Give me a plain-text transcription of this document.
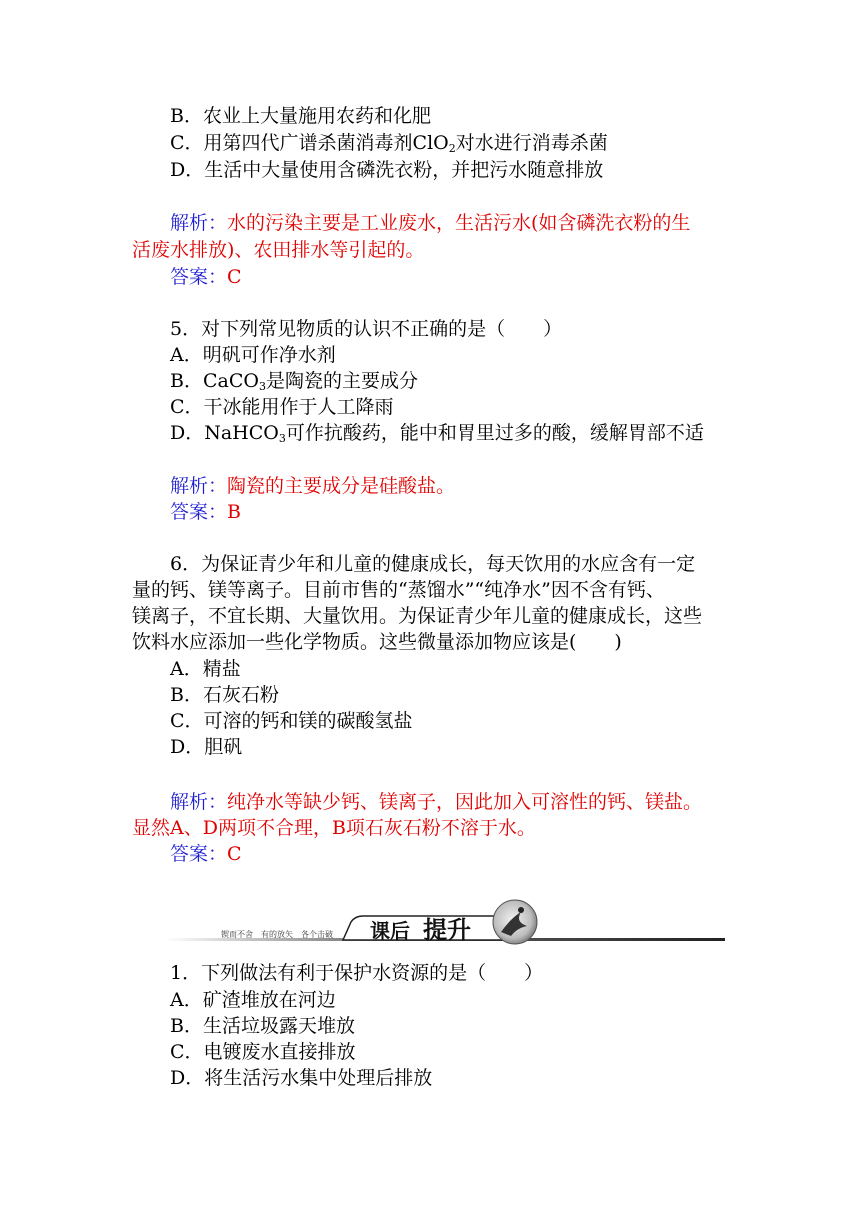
B．农业上大量施用农药和化肥
C．用第四代广谱杀菌消毒剂ClO$_2$对水进行消毒杀菌
D．生活中大量使用含磷洗衣粉，并把污水随意排放
解析：水的污染主要是工业废水，生活污水(如含磷洗衣粉的生
活废水排放)、农田排水等引起的。
答案：C
5．对下列常见物质的认识不正确的是（　　）
A．明矾可作净水剂
B．CaCO$_3$是陶瓷的主要成分
C．干冰能用作于人工降雨
D．NaHCO$_3$可作抗酸药，能中和胃里过多的酸，缓解胃部不适
解析：陶瓷的主要成分是硅酸盐。
答案：B
6．为保证青少年和儿童的健康成长，每天饮用的水应含有一定
量的钙、镁等离子。目前市售的“蒸馏水”“纯净水”因不含有钙、
镁离子，不宜长期、大量饮用。为保证青少年儿童的健康成长，这些
饮料水应添加一些化学物质。这些微量添加物应该是(　　)
A．精盐
B．石灰石粉
C．可溶的钙和镁的碳酸氢盐
D．胆矾
解析：纯净水等缺少钙、镁离子，因此加入可溶性的钙、镁盐。
显然A、D两项不合理，B项石灰石粉不溶于水。
答案：C
锲而不舍　有的放矢　各个击破 课后 提升
1．下列做法有利于保护水资源的是（　　）
A．矿渣堆放在河边
B．生活垃圾露天堆放
C．电镀废水直接排放
D．将生活污水集中处理后排放
